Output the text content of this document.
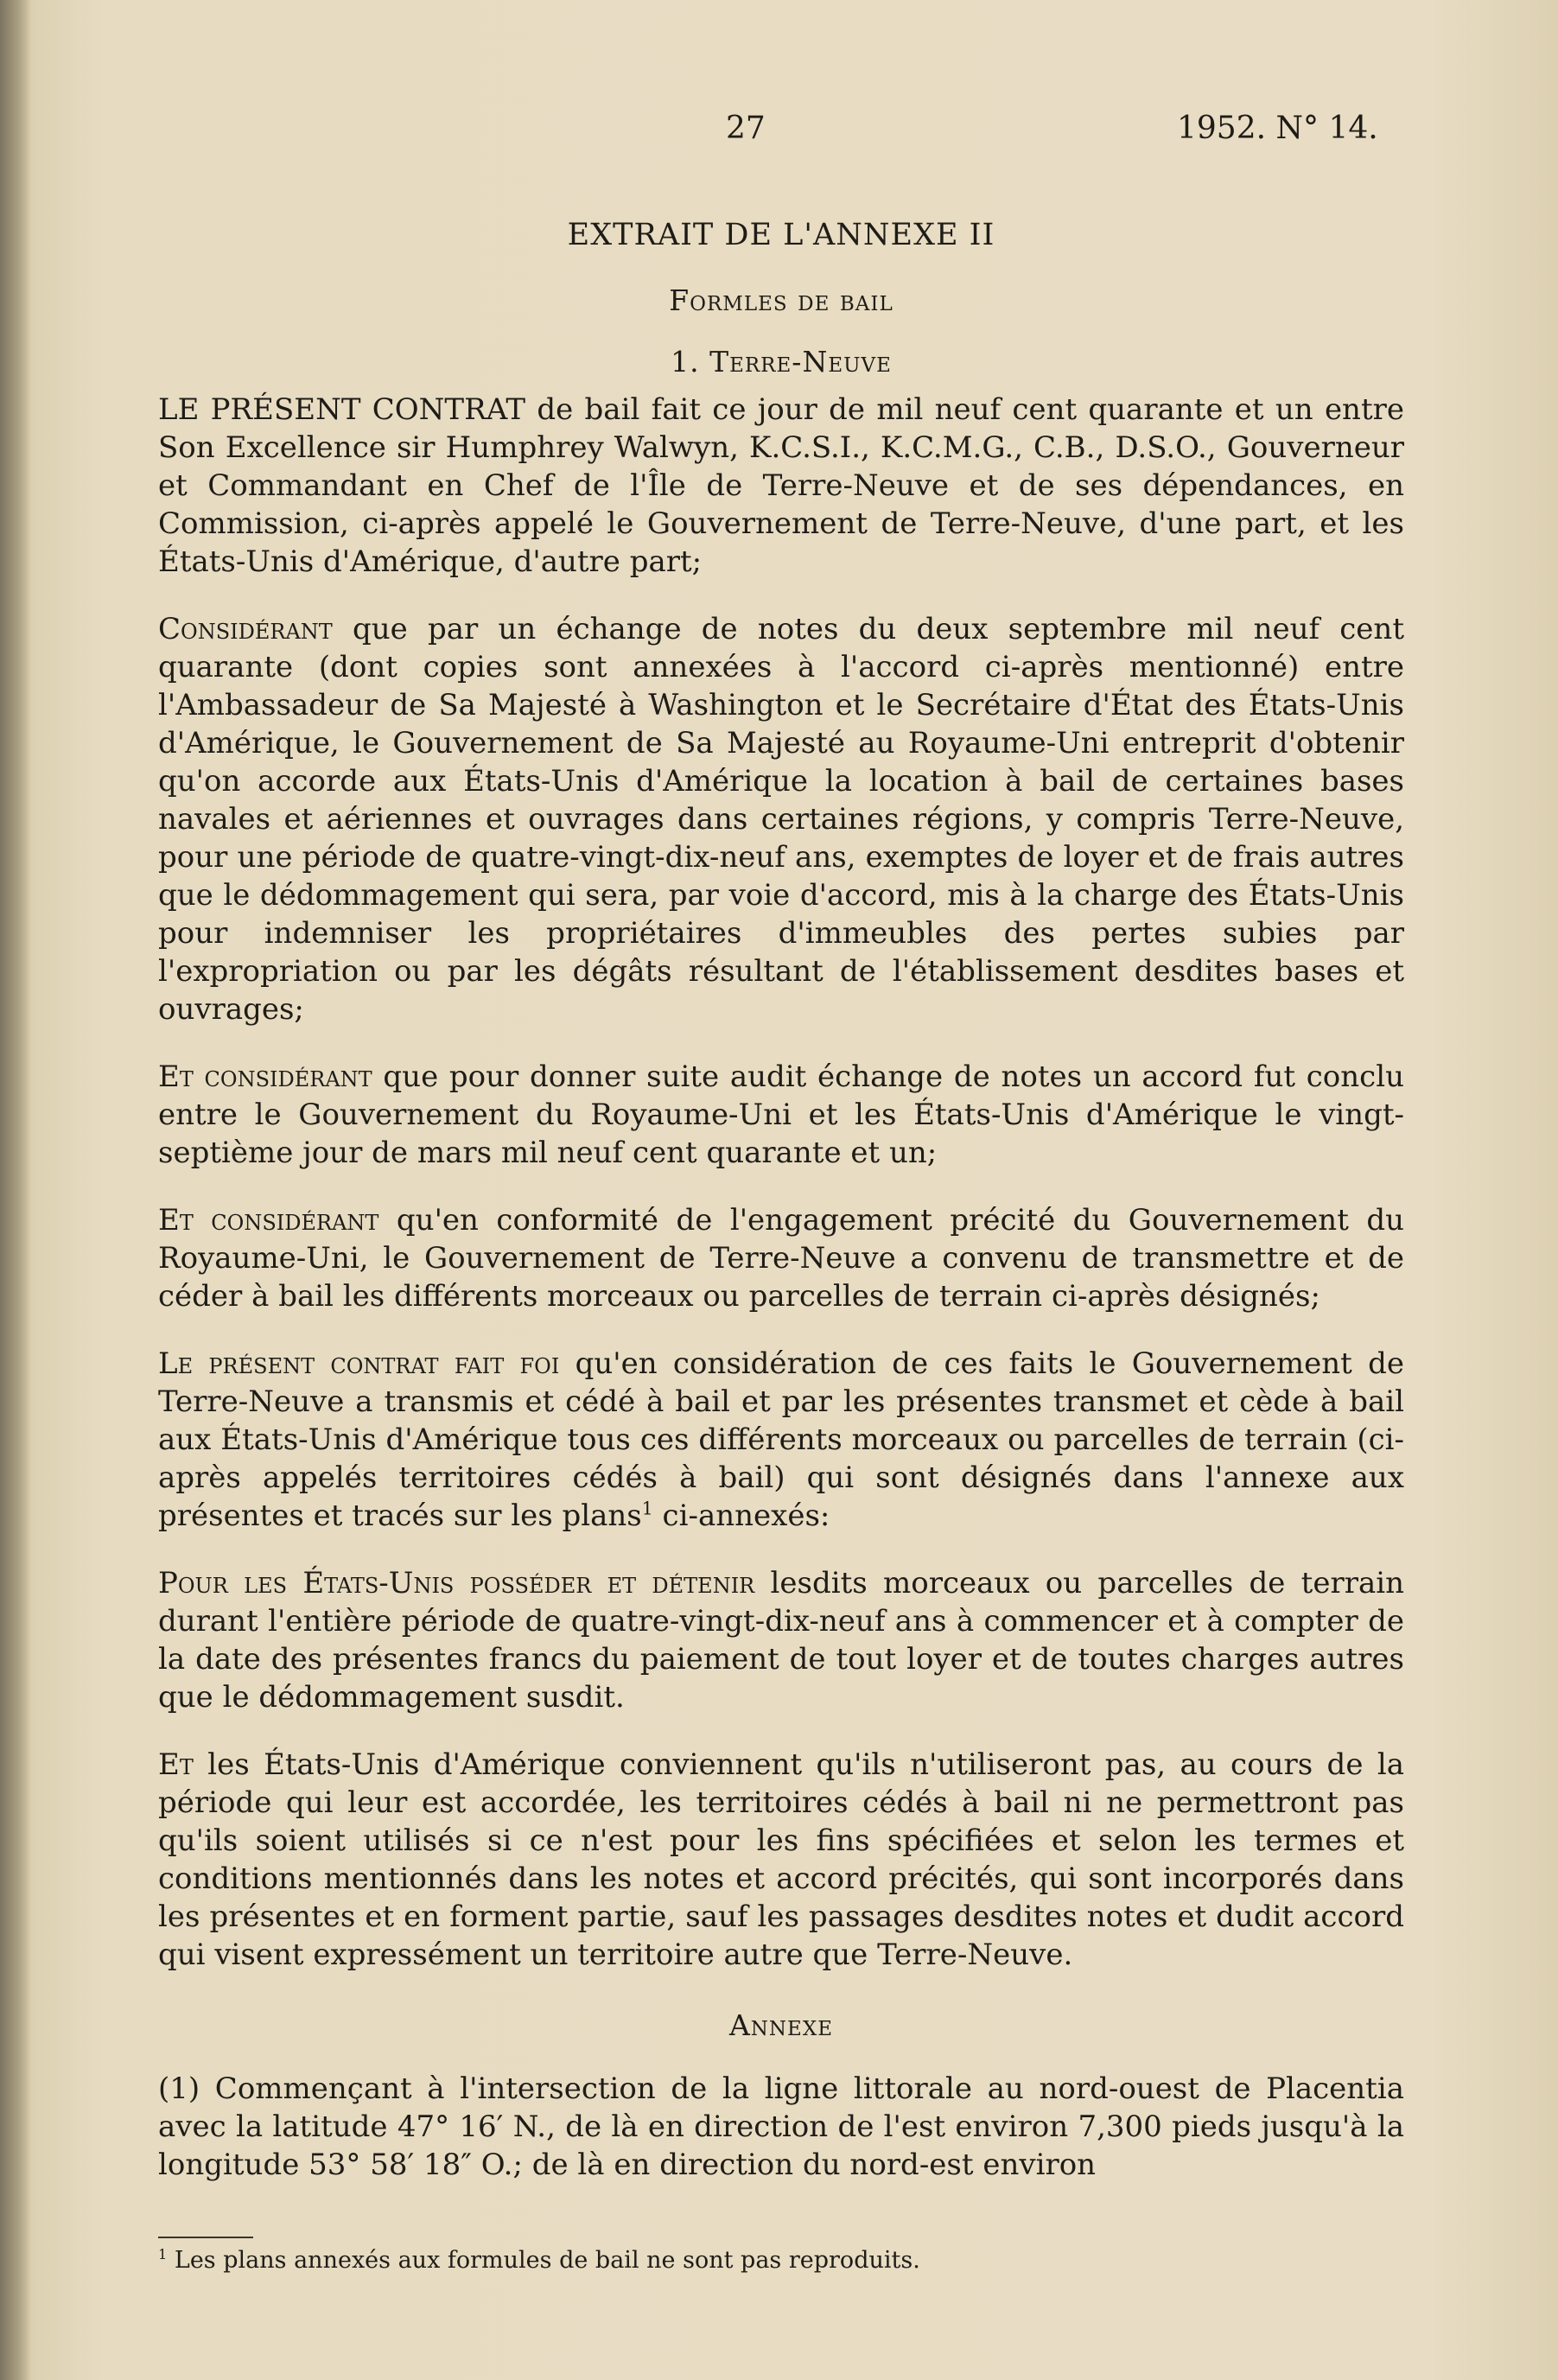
27	1952. N° 14.
EXTRAIT DE L'ANNEXE II
Formles de bail
1. Terre-Neuve

LE PRÉSENT CONTRAT de bail fait ce jour de mil neuf cent quarante et un entre Son Excellence sir Humphrey Walwyn, K.C.S.I., K.C.M.G., C.B., D.S.O., Gouverneur et Commandant en Chef de l'Île de Terre-Neuve et de ses dépendances, en Commission, ci-après appelé le Gouvernement de Terre-Neuve, d'une part, et les États-Unis d'Amérique, d'autre part;

Considérant que par un échange de notes du deux septembre mil neuf cent quarante (dont copies sont annexées à l'accord ci-après mentionné) entre l'Ambassadeur de Sa Majesté à Washington et le Secrétaire d'État des États-Unis d'Amérique, le Gouvernement de Sa Majesté au Royaume-Uni entreprit d'obtenir qu'on accorde aux États-Unis d'Amérique la location à bail de certaines bases navales et aériennes et ouvrages dans certaines régions, y compris Terre-Neuve, pour une période de quatre-vingt-dix-neuf ans, exemptes de loyer et de frais autres que le dédommagement qui sera, par voie d'accord, mis à la charge des États-Unis pour indemniser les propriétaires d'immeubles des pertes subies par l'expropriation ou par les dégâts résultant de l'établissement desdites bases et ouvrages;

Et considérant que pour donner suite audit échange de notes un accord fut conclu entre le Gouvernement du Royaume-Uni et les États-Unis d'Amérique le vingt-septième jour de mars mil neuf cent quarante et un;

Et considérant qu'en conformité de l'engagement précité du Gouvernement du Royaume-Uni, le Gouvernement de Terre-Neuve a convenu de transmettre et de céder à bail les différents morceaux ou parcelles de terrain ci-après désignés;

Le présent contrat fait foi qu'en considération de ces faits le Gouvernement de Terre-Neuve a transmis et cédé à bail et par les présentes transmet et cède à bail aux États-Unis d'Amérique tous ces différents morceaux ou parcelles de terrain (ci-après appelés territoires cédés à bail) qui sont désignés dans l'annexe aux présentes et tracés sur les plans$^1$ ci-annexés:

Pour les États-Unis posséder et détenir lesdits morceaux ou parcelles de terrain durant l'entière période de quatre-vingt-dix-neuf ans à commencer et à compter de la date des présentes francs du paiement de tout loyer et de toutes charges autres que le dédommagement susdit.

Et les États-Unis d'Amérique conviennent qu'ils n'utiliseront pas, au cours de la période qui leur est accordée, les territoires cédés à bail ni ne permettront pas qu'ils soient utilisés si ce n'est pour les fins spécifiées et selon les termes et conditions mentionnés dans les notes et accord précités, qui sont incorporés dans les présentes et en forment partie, sauf les passages desdites notes et dudit accord qui visent expressément un territoire autre que Terre-Neuve.

Annexe

(1) Commençant à l'intersection de la ligne littorale au nord-ouest de Placentia avec la latitude 47° 16′ N., de là en direction de l'est environ 7,300 pieds jusqu'à la longitude 53° 58′ 18″ O.; de là en direction du nord-est environ

$^1$ Les plans annexés aux formules de bail ne sont pas reproduits.
